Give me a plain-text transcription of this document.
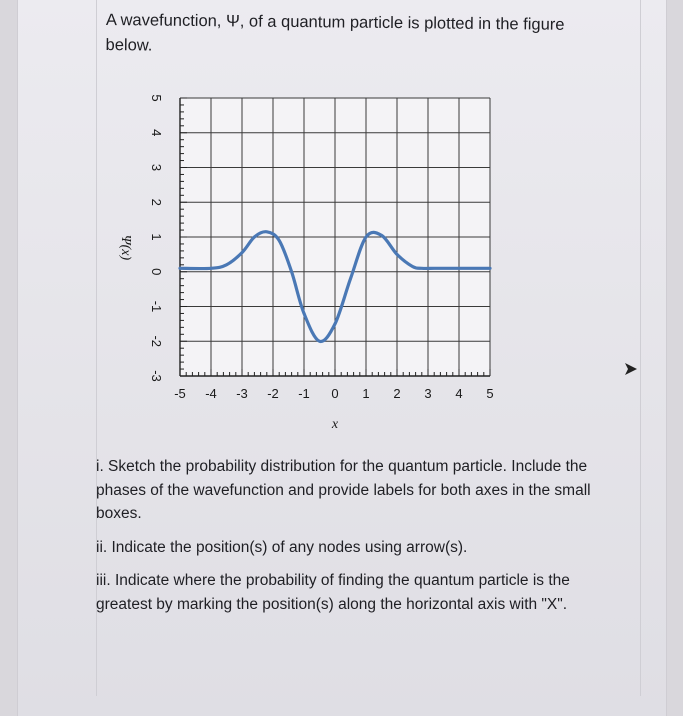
A wavefunction, Ψ, of a quantum particle is plotted in the figure
below.
-5 -4 -3 -2 -1 0 1 2 3 4 5
-3
-2
-1
0
1
2
3
4
5
x
Ψ(x)

i. Sketch the probability distribution for the quantum particle. Include the phases of the wavefunction and provide labels for both axes in the small boxes.

ii. Indicate the position(s) of any nodes using arrow(s).

iii. Indicate where the probability of finding the quantum particle is the greatest by marking the position(s) along the horizontal axis with "X".
